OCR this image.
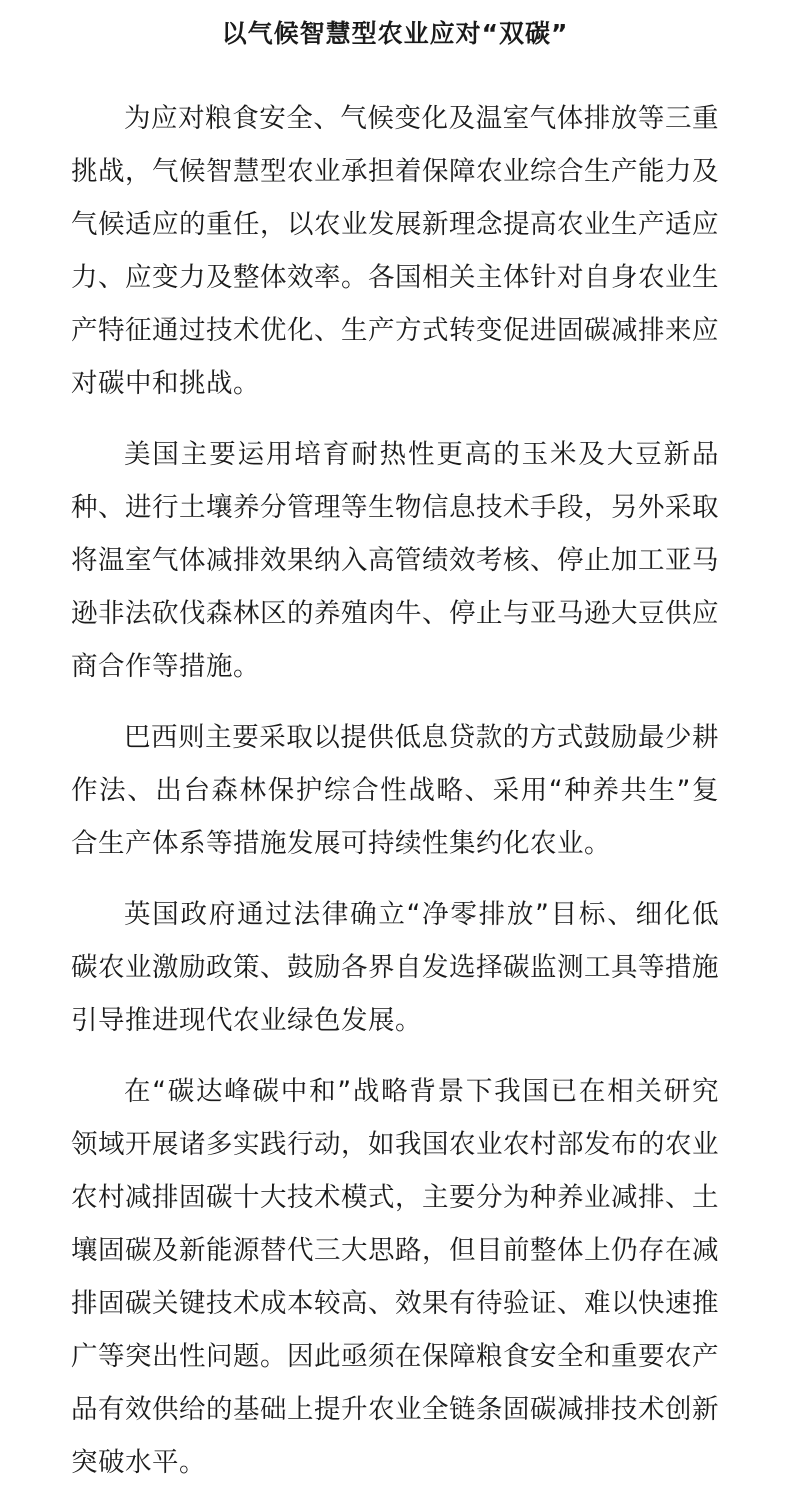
以气候智慧型农业应对“双碳”

为应对粮食安全、气候变化及温室气体排放等三重挑战，气候智慧型农业承担着保障农业综合生产能力及气候适应的重任，以农业发展新理念提高农业生产适应力、应变力及整体效率。各国相关主体针对自身农业生产特征通过技术优化、生产方式转变促进固碳减排来应对碳中和挑战。

美国主要运用培育耐热性更高的玉米及大豆新品种、进行土壤养分管理等生物信息技术手段，另外采取将温室气体减排效果纳入高管绩效考核、停止加工亚马逊非法砍伐森林区的养殖肉牛、停止与亚马逊大豆供应商合作等措施。

巴西则主要采取以提供低息贷款的方式鼓励最少耕作法、出台森林保护综合性战略、采用“种养共生”复合生产体系等措施发展可持续性集约化农业。

英国政府通过法律确立“净零排放”目标、细化低碳农业激励政策、鼓励各界自发选择碳监测工具等措施引导推进现代农业绿色发展。

在“碳达峰碳中和”战略背景下我国已在相关研究领域开展诸多实践行动，如我国农业农村部发布的农业农村减排固碳十大技术模式，主要分为种养业减排、土壤固碳及新能源替代三大思路，但目前整体上仍存在减排固碳关键技术成本较高、效果有待验证、难以快速推广等突出性问题。因此亟须在保障粮食安全和重要农产品有效供给的基础上提升农业全链条固碳减排技术创新突破水平。
